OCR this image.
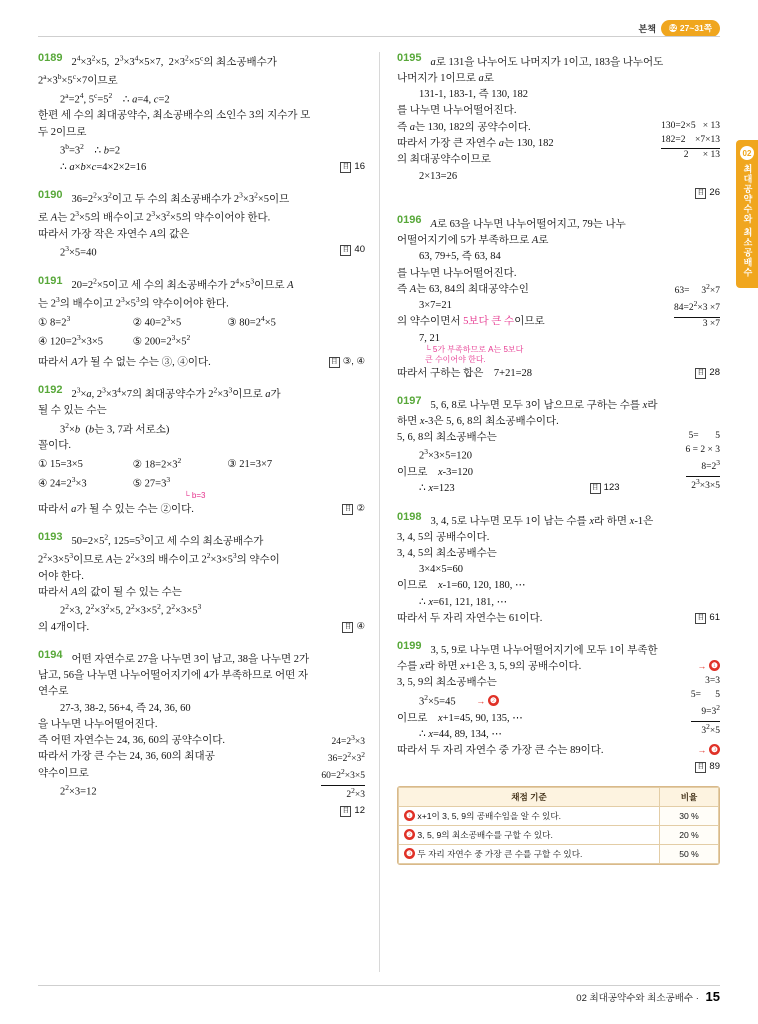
본책 02 27~31쪽
02
최대공약수와 최소공배수
0189 $2^4\times 3^2\times 5$,  $2^3\times 3^4\times 5\times 7$,  $2\times 3^2\times 5^c$의 최소공배수가
$2^a\times 3^b\times 5^c\times 7$이므로
$2^a=2^4$, $5^c=5^2$    ∴ a=4, c=2
한편 세 수의 최대공약수, 최소공배수의 소인수 3의 지수가 모
두 2이므로
$3^b=3^2$    ∴ b=2
∴ a×b×c=4×2×2=16	目 16
0190 $36=2^2\times 3^2$이고 두 수의 최소공배수가 $2^3\times 3^2\times 5$이므
로 A는 $2^3\times 5$의 배수이고 $2^3\times 3^2\times 5$의 약수이어야 한다.
따라서 가장 작은 자연수 A의 값은
$2^3\times 5=40$	目 40
0191 $20=2^2\times 5$이고 세 수의 최소공배수가 $2^4\times 5^3$이므로 A
는 $2^3$의 배수이고 $2^3\times 5^3$의 약수이어야 한다.
① $8=2^3$	② $40=2^3\times 5$	③ $80=2^4\times 5$
④ $120=2^3\times 3\times 5$	⑤ $200=2^3\times 5^2$
따라서 A가 될 수 없는 수는 ③, ④이다.	目 ③, ④
0192 $2^3\times a$, $2^3\times 3^4\times 7$의 최대공약수가 $2^2\times 3^3$이므로 a가
될 수 있는 수는
$3^2\times b$  (b는 3, 7과 서로소)
꼴이다.
① 15=3×5	② $18=2\times 3^2$	③ 21=3×7
④ $24=2^3\times 3$	⑤ $27=3^3$
└ b=3
따라서 a가 될 수 있는 수는 ②이다.	目 ②
0193 $50=2\times 5^2$, $125=5^3$이고 세 수의 최소공배수가
$2^2\times 3\times 5^3$이므로 A는 $2^2\times 3$의 배수이고 $2^2\times 3\times 5^3$의 약수이
어야 한다.
따라서 A의 값이 될 수 있는 수는
$2^2\times 3$, $2^2\times 3^2\times 5$, $2^2\times 3\times 5^2$, $2^2\times 3\times 5^3$
의 4개이다.	目 ④
0194 어떤 자연수로 27을 나누면 3이 남고, 38을 나누면 2가
남고, 56을 나누면 나누어떨어지기에 4가 부족하므로 어떤 자
연수로
27-3, 38-2, 56+4, 즉 24, 36, 60
을 나누면 나누어떨어진다.
$24=2^3\times 3$
$36=2^2\times 3^2$
$60=2^2\times 3\times 5$
$2^2\times 3$
즉 어떤 자연수는 24, 36, 60의 공약수이다.
따라서 가장 큰 수는 24, 36, 60의 최대공
약수이므로
$2^2\times 3=12$
目 12
0195 a로 131을 나누어도 나머지가 1이고, 183을 나누어도
나머지가 1이므로 a로
131-1, 183-1, 즉 130, 182
를 나누면 나누어떨어진다.
130=2×5   × 13
182=2    ×7×13
2      × 13
즉 a는 130, 182의 공약수이다.
따라서 가장 큰 자연수 a는 130, 182
의 최대공약수이므로
2×13=26
目 26
0196 A로 63을 나누면 나누어떨어지고, 79는 나누
어떨어지기에 5가 부족하므로 A로
63, 79+5, 즉 63, 84
를 나누면 나누어떨어진다.
63=     $3^2\times 7$
$84=2^2\times 3 \times 7$
3 ×7
즉 A는 63, 84의 최대공약수인
3×7=21
의 약수이면서 5보다 큰 수이므로
7, 21
└ 5가 부족하므로 A는 5보다
큰 수이어야 한다.
따라서 구하는 합은    7+21=28	目 28
0197 5, 6, 8로 나누면 모두 3이 남으므로 구하는 수를 x라
하면 x-3은 5, 6, 8의 최소공배수이다.
5=       5
6 = 2 × 3
$8=2^3$
$2^3\times 3\times 5$
5, 6, 8의 최소공배수는
$2^3\times 3\times 5=120$
이므로    x-3=120
∴ x=123	目 123
0198 3, 4, 5로 나누면 모두 1이 남는 수를 x라 하면 x-1은
3, 4, 5의 공배수이다.
3, 4, 5의 최소공배수는
3×4×5=60
이므로    x-1=60, 120, 180, ⋯
∴ x=61, 121, 181, ⋯
따라서 두 자리 자연수는 61이다.	目 61
0199 3, 5, 9로 나누면 나누어떨어지기에 모두 1이 부족한
수를 x라 하면 x+1은 3, 5, 9의 공배수이다.	→ ❶
3=3
5=      5
$9=3^2$
$3^2\times 5$
3, 5, 9의 최소공배수는
$3^2\times 5=45$ → ❷
이므로    x+1=45, 90, 135, ⋯
∴ x=44, 89, 134, ⋯
따라서 두 자리 자연수 중 가장 큰 수는 89이다.	→ ❸
目 89
채점 기준	비율
❶ x+1이 3, 5, 9의 공배수임을 알 수 있다.	30 %
❷ 3, 5, 9의 최소공배수를 구할 수 있다.	20 %
❸ 두 자리 자연수 중 가장 큰 수를 구할 수 있다.	50 %
02 최대공약수와 최소공배수 · 15
